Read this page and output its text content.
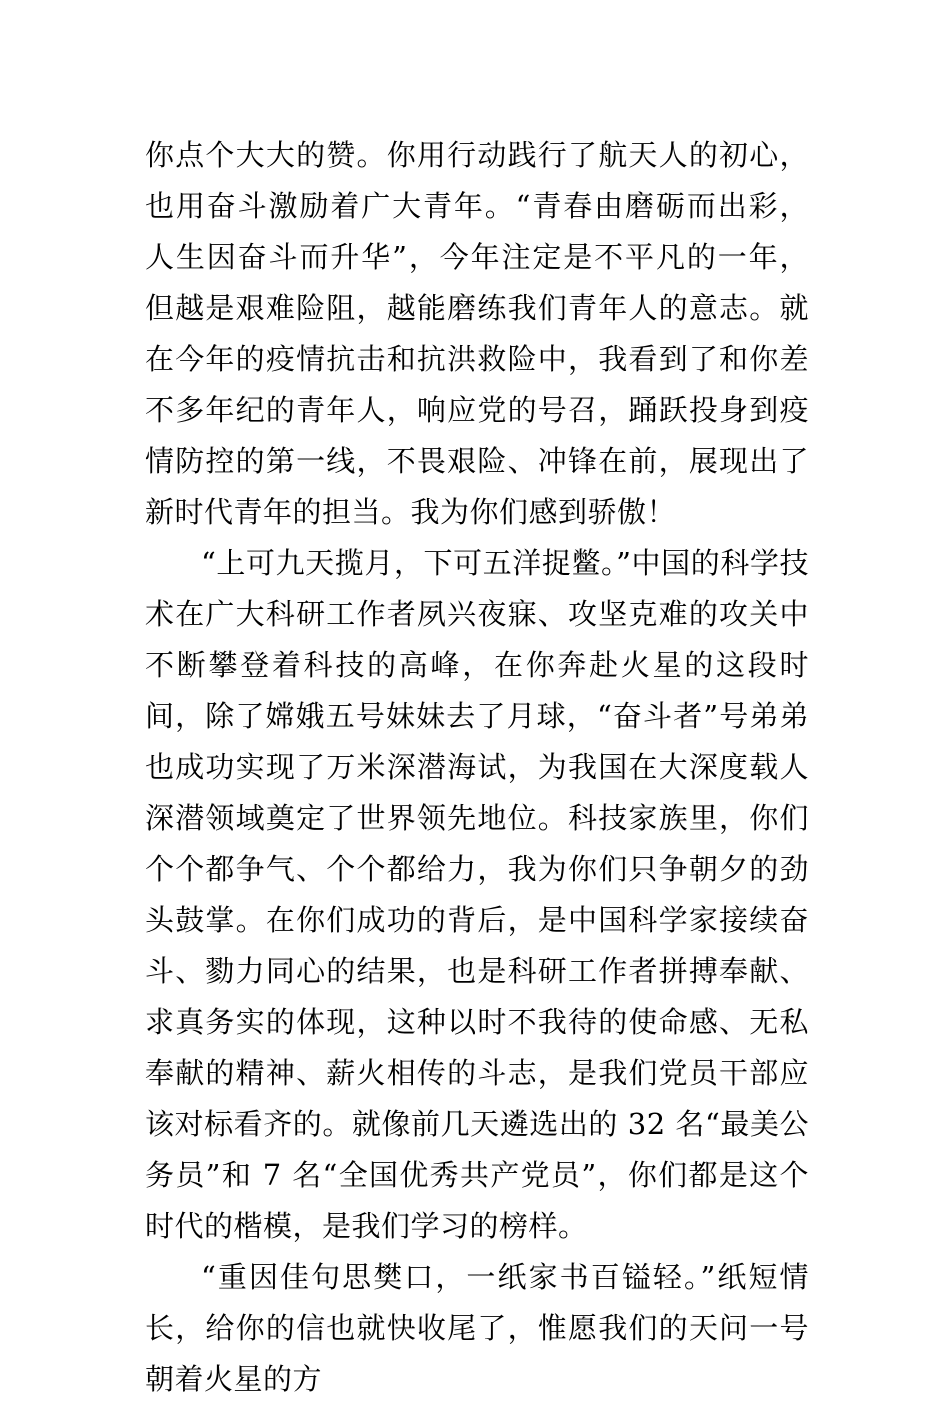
你点个大大的赞。你用行动践行了航天人的初心，也用奋斗激励着广大青年。“青春由磨砺而出彩，人生因奋斗而升华”，今年注定是不平凡的一年，但越是艰难险阻，越能磨练我们青年人的意志。就在今年的疫情抗击和抗洪救险中，我看到了和你差不多年纪的青年人，响应党的号召，踊跃投身到疫情防控的第一线，不畏艰险、冲锋在前，展现出了新时代青年的担当。我为你们感到骄傲！

“上可九天揽月，下可五洋捉鳖。”中国的科学技术在广大科研工作者夙兴夜寐、攻坚克难的攻关中不断攀登着科技的高峰，在你奔赴火星的这段时间，除了嫦娥五号妹妹去了月球，“奋斗者”号弟弟也成功实现了万米深潜海试，为我国在大深度载人深潜领域奠定了世界领先地位。科技家族里，你们个个都争气、个个都给力，我为你们只争朝夕的劲头鼓掌。在你们成功的背后，是中国科学家接续奋斗、勠力同心的结果，也是科研工作者拼搏奉献、求真务实的体现，这种以时不我待的使命感、无私奉献的精神、薪火相传的斗志，是我们党员干部应该对标看齐的。就像前几天遴选出的 32 名“最美公务员”和 7 名“全国优秀共产党员”，你们都是这个时代的楷模，是我们学习的榜样。

“重因佳句思樊口，一纸家书百镒轻。”纸短情长，给你的信也就快收尾了，惟愿我们的天问一号朝着火星的方
